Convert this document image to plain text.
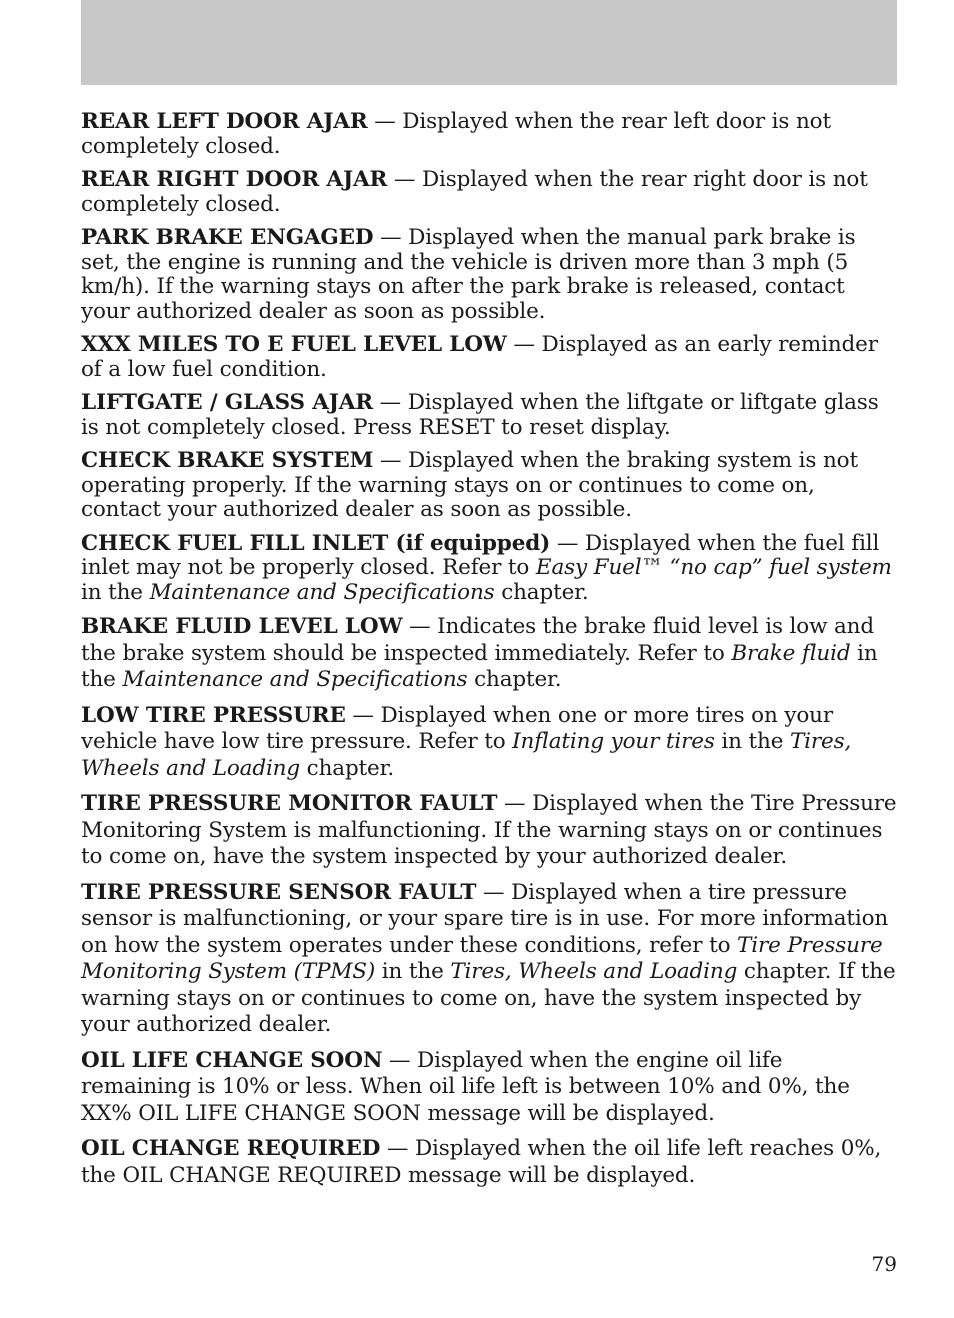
REAR LEFT DOOR AJAR — Displayed when the rear left door is not completely closed.

REAR RIGHT DOOR AJAR — Displayed when the rear right door is not completely closed.

PARK BRAKE ENGAGED — Displayed when the manual park brake is set, the engine is running and the vehicle is driven more than 3 mph (5 km/h). If the warning stays on after the park brake is released, contact your authorized dealer as soon as possible.

XXX MILES TO E FUEL LEVEL LOW — Displayed as an early reminder of a low fuel condition.

LIFTGATE / GLASS AJAR — Displayed when the liftgate or liftgate glass is not completely closed. Press RESET to reset display.

CHECK BRAKE SYSTEM — Displayed when the braking system is not operating properly. If the warning stays on or continues to come on, contact your authorized dealer as soon as possible.

CHECK FUEL FILL INLET (if equipped) — Displayed when the fuel fill inlet may not be properly closed. Refer to Easy Fuel™ “no cap” fuel system in the Maintenance and Specifications chapter.

BRAKE FLUID LEVEL LOW — Indicates the brake fluid level is low and the brake system should be inspected immediately. Refer to Brake fluid in the Maintenance and Specifications chapter.

LOW TIRE PRESSURE — Displayed when one or more tires on your vehicle have low tire pressure. Refer to Inflating your tires in the Tires, Wheels and Loading chapter.

TIRE PRESSURE MONITOR FAULT — Displayed when the Tire Pressure Monitoring System is malfunctioning. If the warning stays on or continues to come on, have the system inspected by your authorized dealer.

TIRE PRESSURE SENSOR FAULT — Displayed when a tire pressure sensor is malfunctioning, or your spare tire is in use. For more information on how the system operates under these conditions, refer to Tire Pressure Monitoring System (TPMS) in the Tires, Wheels and Loading chapter. If the warning stays on or continues to come on, have the system inspected by your authorized dealer.

OIL LIFE CHANGE SOON — Displayed when the engine oil life remaining is 10% or less. When oil life left is between 10% and 0%, the XX% OIL LIFE CHANGE SOON message will be displayed.

OIL CHANGE REQUIRED — Displayed when the oil life left reaches 0%, the OIL CHANGE REQUIRED message will be displayed.

79
